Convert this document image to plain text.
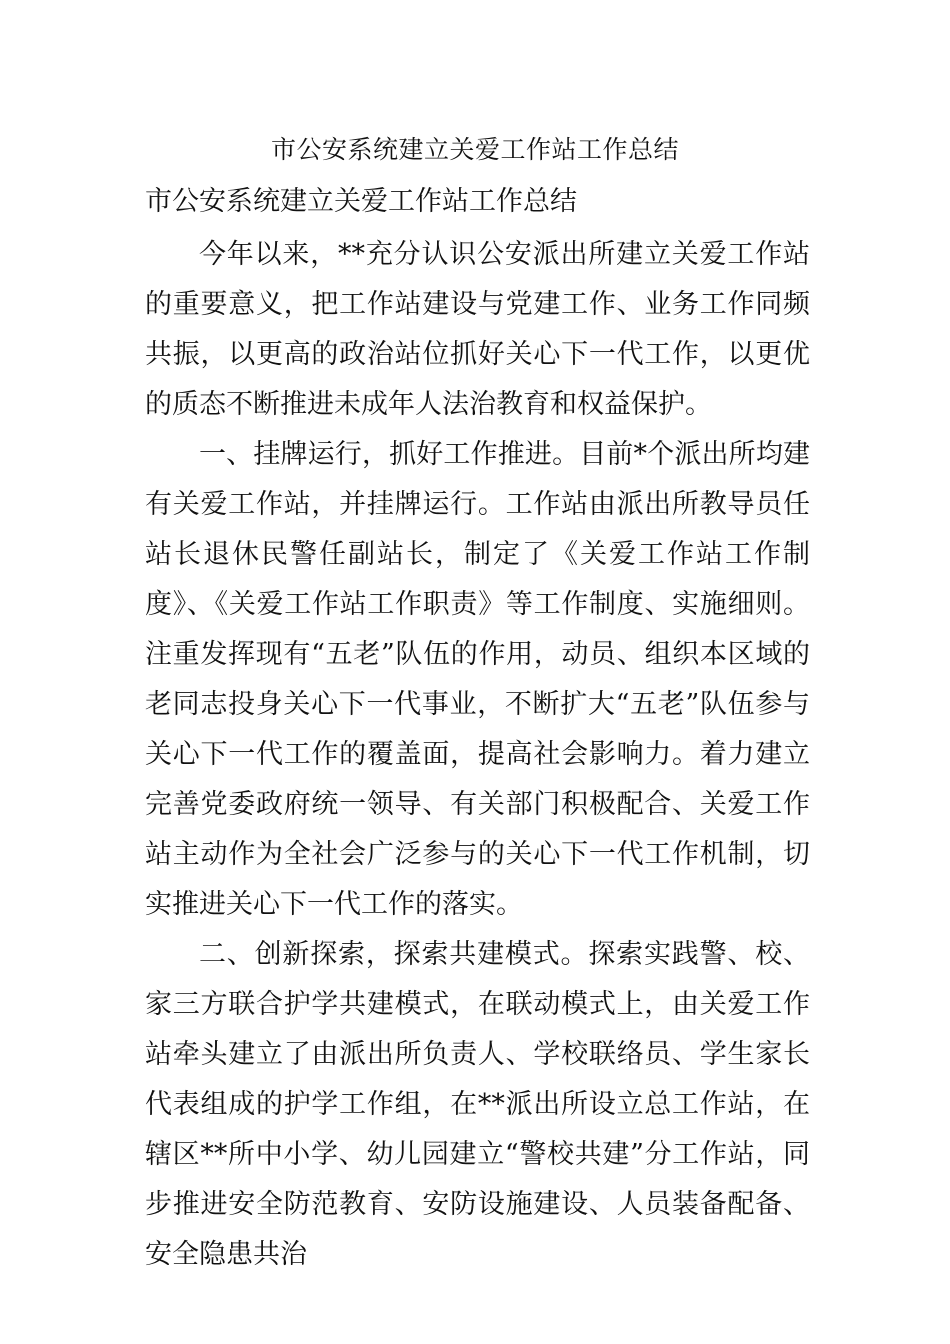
市公安系统建立关爱工作站工作总结
市公安系统建立关爱工作站工作总结

今年以来，**充分认识公安派出所建立关爱工作站的重要意义，把工作站建设与党建工作、业务工作同频共振，以更高的政治站位抓好关心下一代工作，以更优的质态不断推进未成年人法治教育和权益保护。

一、挂牌运行，抓好工作推进。目前*个派出所均建有关爱工作站，并挂牌运行。工作站由派出所教导员任站长退休民警任副站长，制定了《关爱工作站工作制度》、《关爱工作站工作职责》等工作制度、实施细则。注重发挥现有“五老”队伍的作用，动员、组织本区域的老同志投身关心下一代事业，不断扩大“五老”队伍参与关心下一代工作的覆盖面，提高社会影响力。着力建立完善党委政府统一领导、有关部门积极配合、关爱工作站主动作为全社会广泛参与的关心下一代工作机制，切实推进关心下一代工作的落实。

二、创新探索，探索共建模式。探索实践警、校、家三方联合护学共建模式，在联动模式上，由关爱工作站牵头建立了由派出所负责人、学校联络员、学生家长代表组成的护学工作组，在**派出所设立总工作站，在辖区**所中小学、幼儿园建立“警校共建”分工作站，同步推进安全防范教育、安防设施建设、人员装备配备、安全隐患共治
